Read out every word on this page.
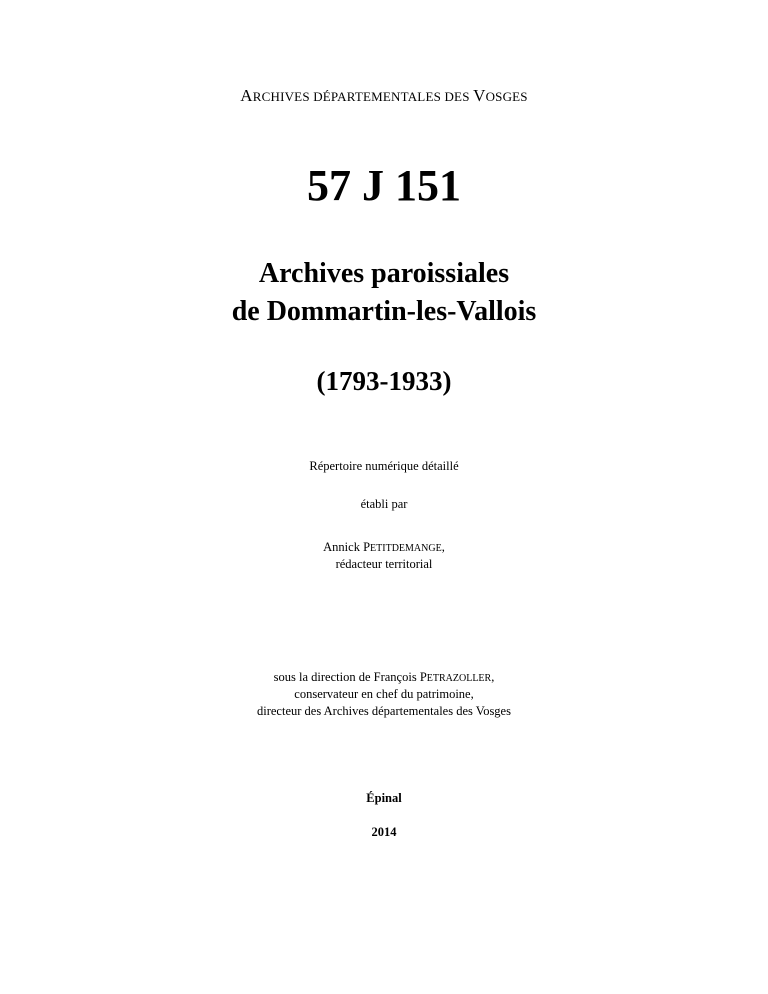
ARCHIVES DÉPARTEMENTALES DES VOSGES
57 J 151
Archives paroissiales
de Dommartin-les-Vallois
(1793-1933)
Répertoire numérique détaillé
établi par
Annick PETITDEMANGE,
rédacteur territorial
sous la direction de François PETRAZOLLER,
conservateur en chef du patrimoine,
directeur des Archives départementales des Vosges
Épinal
2014
